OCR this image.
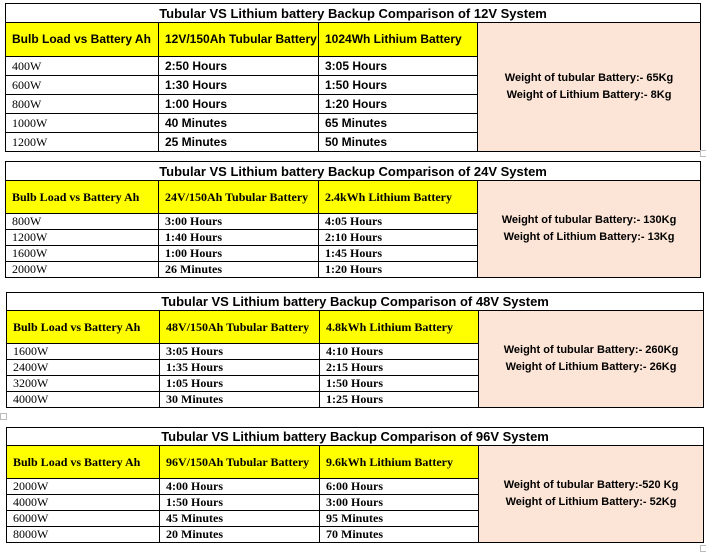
Tubular VS Lithium battery Backup Comparison of 12V System			
Bulb Load vs Battery Ah	12V/150Ah Tubular Battery	1024Wh Lithium Battery	Weight of tubular Battery:- 65Kg
Weight of Lithium Battery:- 8Kg

400W	2:50 Hours	3:05 Hours	
600W	1:30 Hours	1:50 Hours	
800W	1:00 Hours	1:20 Hours	
1000W	40 Minutes	65 Minutes	
1200W	25 Minutes	50 Minutes	
Tubular VS Lithium battery Backup Comparison of 24V System			
Bulb Load vs Battery Ah	24V/150Ah Tubular Battery	2.4kWh Lithium Battery	Weight of tubular Battery:- 130Kg
Weight of Lithium Battery:- 13Kg

800W	3:00 Hours	4:05 Hours	
1200W	1:40 Hours	2:10 Hours	
1600W	1:00 Hours	1:45 Hours	
2000W	26 Minutes	1:20 Hours	
Tubular VS Lithium battery Backup Comparison of 48V System			
Bulb Load vs Battery Ah	48V/150Ah Tubular Battery	4.8kWh Lithium Battery	Weight of tubular Battery:- 260Kg
Weight of Lithium Battery:- 26Kg

1600W	3:05 Hours	4:10 Hours	
2400W	1:35 Hours	2:15 Hours	
3200W	1:05 Hours	1:50 Hours	
4000W	30 Minutes	1:25 Hours	
Tubular VS Lithium battery Backup Comparison of 96V System			
Bulb Load vs Battery Ah	96V/150Ah Tubular Battery	9.6kWh Lithium Battery	Weight of tubular Battery:-520 Kg
Weight of Lithium Battery:- 52Kg

2000W	4:00 Hours	6:00 Hours	
4000W	1:50 Hours	3:00 Hours	
6000W	45 Minutes	95 Minutes	
8000W	20 Minutes	70 Minutes	
